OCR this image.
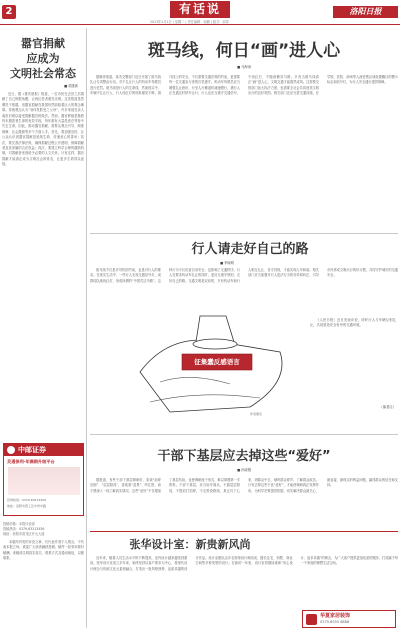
2	有话说
2013年1月1日 | 星期二 | 责任编辑：周鹏 | 版式：邱萍
洛阳日报
嚣官捐献
应成为
文明社会常态
■ 胡建新

近日，据《重庆晨报》报道，一位市民在去世之后捐献了自己的眼角膜，让两位患者重见光明。这类报道虽然偶见于报端，但器官捐献在我国仍然面临着巨大的观念障碍。传统观念认为“身体发肤受之父母”，许多家庭在亲人离世后难以接受捐献器官的做法。然而，器官移植是挽救终末期患者生命的有效手段，每年都有大量患者在等待中失去生命。因此，推动器官捐献，需要从观念引导、制度保障、社会激励等多个方面入手。首先，要加强宣传，让公众认识到器官捐献是延续生命、传递爱心的善举；其次，要完善法律法规，确保捐献过程公开透明，保障捐献者及其家属的合法权益；再次，要建立科学合理的激励机制，对捐献者家庭给予必要的人文关怀。只有这样，器官捐献才能真正成为文明社会的常态，让更多生命得以延续。

中邮证券
灵通保利·年满期升级平台
咨询热线：0379-63213456
地址：洛阳市西工区中州中路
投稿信箱：本报评论部
投稿热线：0379-63213456
地址：洛阳市洛龙区开元大道

本版所刊发的评论文章，仅代表作者个人观点，不代表本报立场。欢迎广大读者踊跃投稿，稿件一经采用即付稿酬。来稿请注明真实姓名、联系方式及通讯地址，以便联系。

斑马线，何日“画”进人心
■ 马海涛

据媒体报道，某市交警部门近日开展了斑马线礼让专项整治行动，对不礼让行人的机动车驾驶员进行处罚。斑马线是行人的生命线，然而现实中，车辆不礼让行人、行人闯红灯的现象屡见不鲜。斑马线上的安全，不仅需要交通法规的约束，更需要每一位交通参与者的自觉遵守。机动车驾驶员应当增强礼让意识，行至人行横道时减速慢行，遇行人正在通过时停车让行；行人也应当遵守交通信号，不闯红灯、不随意横穿马路。只有当斑马线真正“画”进人心，文明交通才能蔚然成风。这需要交管部门加大执法力度，也需要全社会共同营造文明出行的良好氛围。相关部门还应完善交通设施，在学校、医院、商场等人流密集区域设置醒目的警示标志和信号灯，为行人安全通行提供保障。

行人请走好自己的路
■ 李晓明

斑马线不仅是对司机的约束，也是对行人的要求。在现实生活中，一些行人无视交通信号灯，成群结队地闯红灯，形成所谓的“中国式过马路”。这种行为不仅危害自身安全，也影响了交通秩序。行人在要求机动车礼让的同时，更应当遵守规则，走好自己的路。交通文明是双向的，只有机动车和行人相互礼让、各守其规，才能实现人车和谐。相关部门应当加强对行人违法行为的劝导和纠正，引导市民养成文明出行的好习惯，共同守护城市的交通安全。

征集蠢反感语言
作者署名

《人民日报》近日发表评论，呼吁行人与车辆互相礼让，共同营造安全有序的交通环境。

（编者注）
干部下基层应去掉这些“爱好”
■ 孙晓刚

据报道，有些干部下基层调研时，喜欢“前呼后拥”、“层层陪同”，喜欢看“盆景”、听汇报，而不愿深入一线了解真实情况。这些“爱好”不仅增加了基层负担，也使调研流于形式，难以掌握第一手资料。干部下基层，应当轻车简从，不搞层层陪同，不提前打招呼，不走预设路线，真正沉下心来，到群众中去，倾听群众呼声，了解群众疾苦。只有去掉这些不良“爱好”，才能使调研真正发挥作用，为科学决策提供依据，切实解决群众最关心、最直接、最现实的利益问题，赢得群众的信任和支持。

张华设计室：新贵新风尚

近年来，随着人们生活水平的不断提高，室内设计越来越受到重视。张华设计室成立多年来，始终坚持以客户需求为中心，将现代设计理念与传统文化元素相融合，打造出一批风格独特、品质卓越的设计作品。设计室团队由多名资深设计师组成，擅长住宅、别墅、商业空间等多种类型的设计。在新的一年里，设计室将继续秉承“用心设计、追求卓越”的理念，为广大客户提供更加优质的服务，打造属于每一个家庭的理想生活空间。

华夏家居装饰
0379-6555 8888
